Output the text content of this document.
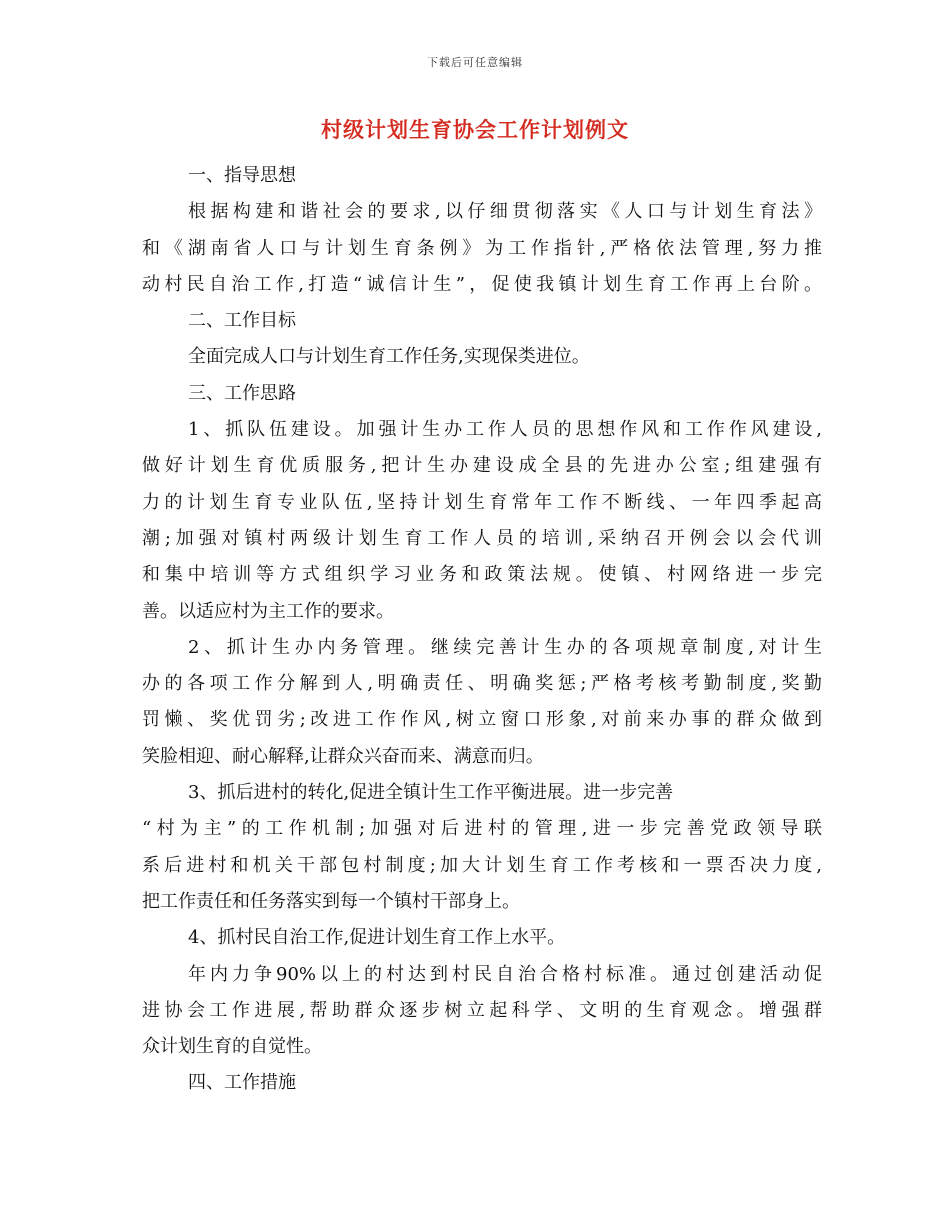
下载后可任意编辑
村级计划生育协会工作计划例文
一、指导思想
根据构建和谐社会的要求,以仔细贯彻落实《人口与计划生育法》
和《湖南省人口与计划生育条例》为工作指针,严格依法管理,努力推
动村民自治工作,打造“诚信计生”，促使我镇计划生育工作再上台阶。
二、工作目标
全面完成人口与计划生育工作任务,实现保类进位。
三、工作思路
1、抓队伍建设。加强计生办工作人员的思想作风和工作作风建设,
做好计划生育优质服务,把计生办建设成全县的先进办公室;组建强有
力的计划生育专业队伍,坚持计划生育常年工作不断线、一年四季起高
潮;加强对镇村两级计划生育工作人员的培训,采纳召开例会以会代训
和集中培训等方式组织学习业务和政策法规。使镇、村网络进一步完
善。以适应村为主工作的要求。
2、抓计生办内务管理。继续完善计生办的各项规章制度,对计生
办的各项工作分解到人,明确责任、明确奖惩;严格考核考勤制度,奖勤
罚懒、奖优罚劣;改进工作作风,树立窗口形象,对前来办事的群众做到
笑脸相迎、耐心解释,让群众兴奋而来、满意而归。
3、抓后进村的转化,促进全镇计生工作平衡进展。进一步完善
“村为主”的工作机制;加强对后进村的管理,进一步完善党政领导联
系后进村和机关干部包村制度;加大计划生育工作考核和一票否决力度,
把工作责任和任务落实到每一个镇村干部身上。
4、抓村民自治工作,促进计划生育工作上水平。
年内力争90%以上的村达到村民自治合格村标准。通过创建活动促
进协会工作进展,帮助群众逐步树立起科学、文明的生育观念。增强群
众计划生育的自觉性。
四、工作措施
